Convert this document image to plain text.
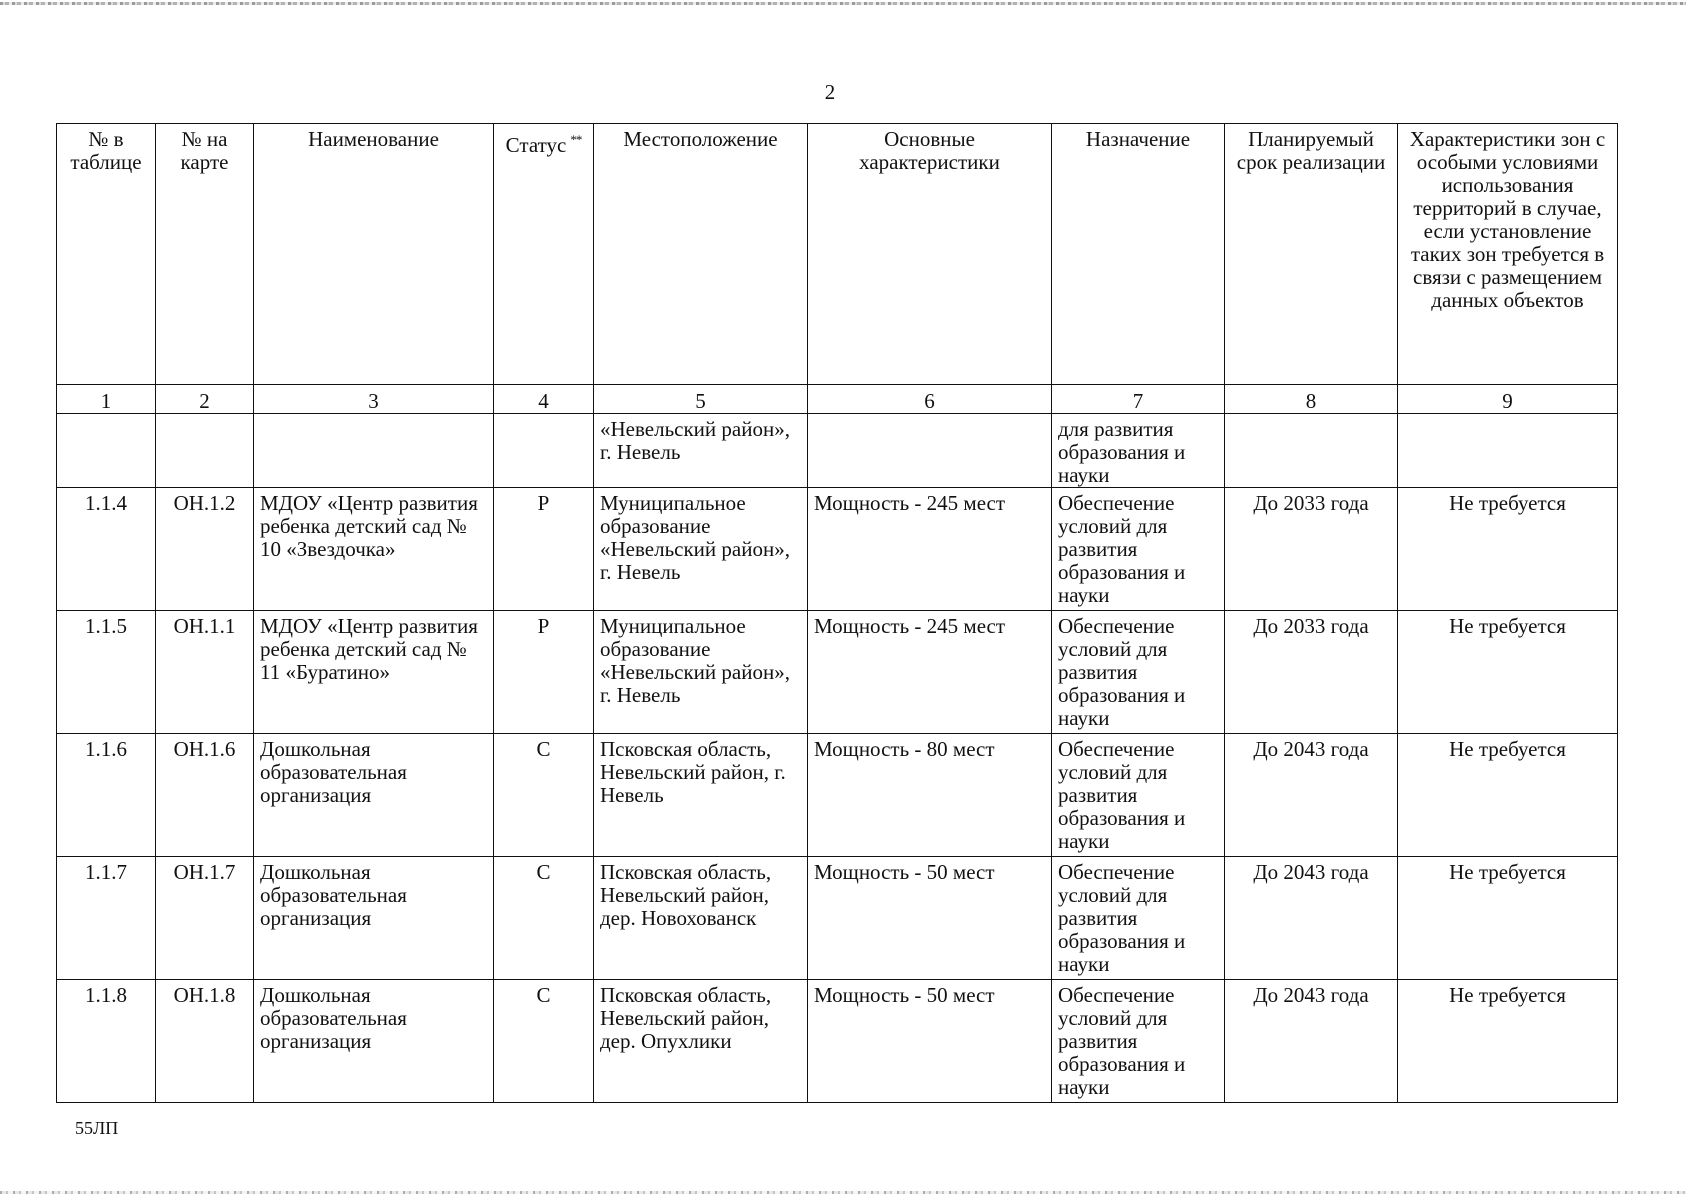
2
№ в таблице	№ на карте	Наименование	Статус **	Местоположение	Основные характеристики	Назначение	Планируемый срок реализации	Характеристики зон с особыми условиями использования территорий в случае, если установление таких зон требуется в связи с размещением данных объектов
1	2	3	4	5	6	7	8	9
				«Невельский район», г. Невель		для развития образования и науки		
1.1.4	ОН.1.2	МДОУ «Центр развития ребенка детский сад № 10 «Звездочка»	Р	Муниципальное образование «Невельский район», г. Невель	Мощность - 245 мест	Обеспечение условий для развития образования и науки	До 2033 года	Не требуется
1.1.5	ОН.1.1	МДОУ «Центр развития ребенка детский сад № 11 «Буратино»	Р	Муниципальное образование «Невельский район», г. Невель	Мощность - 245 мест	Обеспечение условий для развития образования и науки	До 2033 года	Не требуется
1.1.6	ОН.1.6	Дошкольная образовательная организация	С	Псковская область, Невельский район, г. Невель	Мощность - 80 мест	Обеспечение условий для развития образования и науки	До 2043 года	Не требуется
1.1.7	ОН.1.7	Дошкольная образовательная организация	С	Псковская область, Невельский район, дер. Новохованск	Мощность - 50 мест	Обеспечение условий для развития образования и науки	До 2043 года	Не требуется
1.1.8	ОН.1.8	Дошкольная образовательная организация	С	Псковская область, Невельский район, дер. Опухлики	Мощность - 50 мест	Обеспечение условий для развития образования и науки	До 2043 года	Не требуется
55ЛП
